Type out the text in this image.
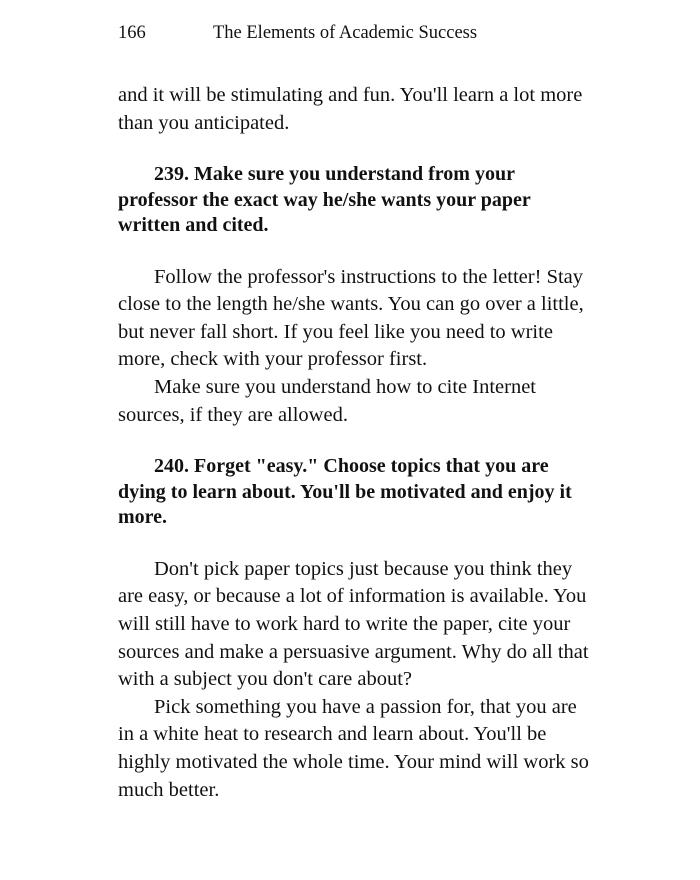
166	The Elements of Academic Success

and it will be stimulating and fun. You'll learn a lot more than you anticipated.

239. Make sure you understand from your professor the exact way he/she wants your paper written and cited.

Follow the professor's instructions to the letter! Stay close to the length he/she wants. You can go over a little, but never fall short. If you feel like you need to write more, check with your professor first.

Make sure you understand how to cite Internet sources, if they are allowed.

240. Forget "easy." Choose topics that you are dying to learn about. You'll be motivated and enjoy it more.

Don't pick paper topics just because you think they are easy, or because a lot of information is available. You will still have to work hard to write the paper, cite your sources and make a persuasive argument. Why do all that with a subject you don't care about?

Pick something you have a passion for, that you are in a white heat to research and learn about. You'll be highly motivated the whole time. Your mind will work so much better.
